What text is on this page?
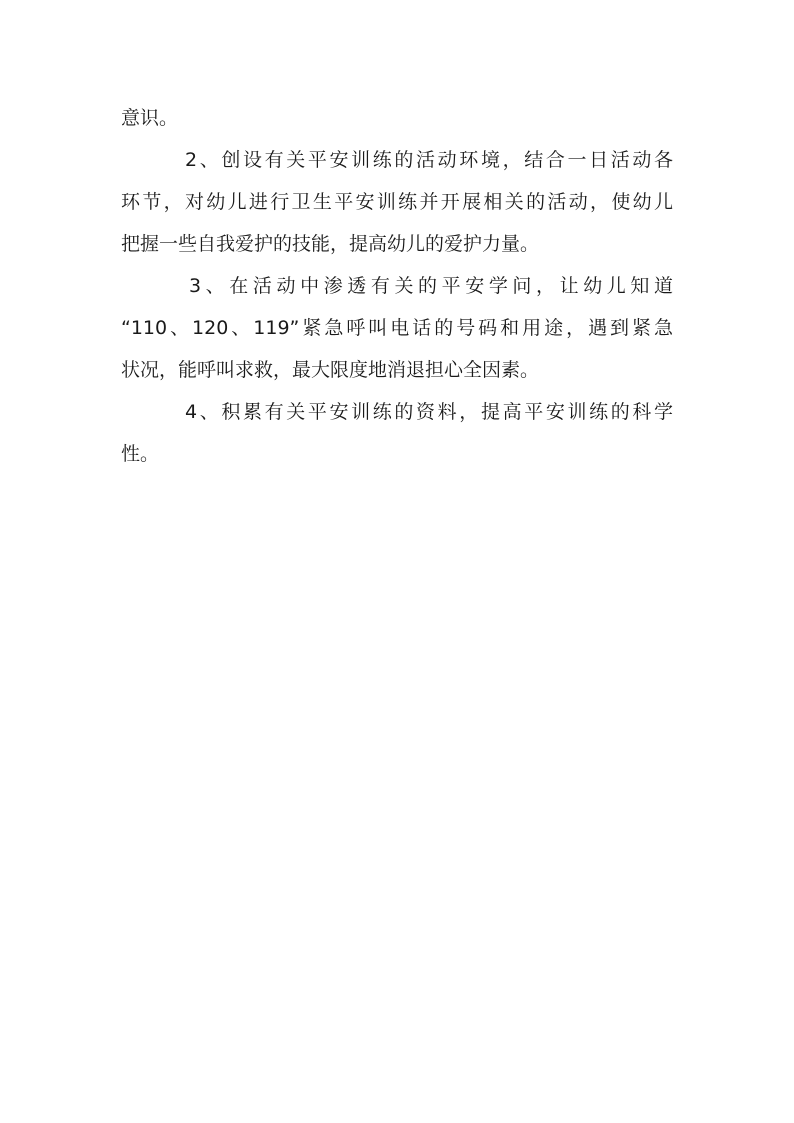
意识。
2、创设有关平安训练的活动环境，结合一日活动各
环节，对幼儿进行卫生平安训练并开展相关的活动，使幼儿
把握一些自我爱护的技能，提高幼儿的爱护力量。
3、在活动中渗透有关的平安学问，让幼儿知道
“110、120、119”紧急呼叫电话的号码和用途，遇到紧急
状况，能呼叫求救，最大限度地消退担心全因素。
4、积累有关平安训练的资料，提高平安训练的科学
性。
